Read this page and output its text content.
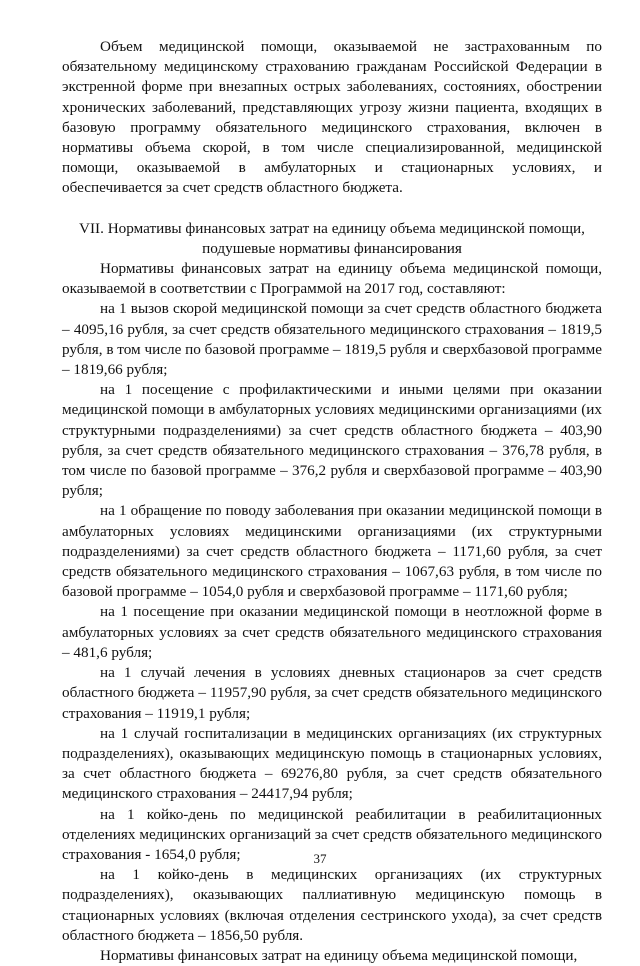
Объем медицинской помощи, оказываемой не застрахованным по обязательному медицинскому страхованию гражданам Российской Федерации в экстренной форме при внезапных острых заболеваниях, состояниях, обострении хронических заболеваний, представляющих угрозу жизни пациента, входящих в базовую программу обязательного медицинского страхования, включен в нормативы объема скорой, в том числе специализированной, медицинской помощи, оказываемой в амбулаторных и стационарных условиях, и обеспечивается за счет средств областного бюджета.

VII. Нормативы финансовых затрат на единицу объема медицинской помощи, подушевые нормативы финансирования

Нормативы финансовых затрат на единицу объема медицинской помощи, оказываемой в соответствии с Программой на 2017 год, составляют:

на 1 вызов скорой медицинской помощи за счет средств областного бюджета – 4095,16 рубля, за счет средств обязательного медицинского страхования – 1819,5 рубля, в том числе по базовой программе – 1819,5 рубля и сверхбазовой программе – 1819,66 рубля;

на 1 посещение с профилактическими и иными целями при оказании медицинской помощи в амбулаторных условиях медицинскими организациями (их структурными подразделениями) за счет средств областного бюджета – 403,90 рубля, за счет средств обязательного медицинского страхования – 376,78 рубля, в том числе по базовой программе – 376,2 рубля и сверхбазовой программе – 403,90 рубля;

на 1 обращение по поводу заболевания при оказании медицинской помощи в амбулаторных условиях медицинскими организациями (их структурными подразделениями) за счет средств областного бюджета – 1171,60 рубля, за счет средств обязательного медицинского страхования – 1067,63 рубля, в том числе по базовой программе – 1054,0 рубля и сверхбазовой программе – 1171,60 рубля;

на 1 посещение при оказании медицинской помощи в неотложной форме в амбулаторных условиях за счет средств обязательного медицинского страхования – 481,6 рубля;

на 1 случай лечения в условиях дневных стационаров за счет средств областного бюджета – 11957,90 рубля, за счет средств обязательного медицинского страхования – 11919,1 рубля;

на 1 случай госпитализации в медицинских организациях (их структурных подразделениях), оказывающих медицинскую помощь в стационарных условиях, за счет областного бюджета – 69276,80 рубля, за счет средств обязательного медицинского страхования – 24417,94 рубля;

на 1 койко-день по медицинской реабилитации в реабилитационных отделениях медицинских организаций за счет средств обязательного медицинского страхования - 1654,0 рубля;

на 1 койко-день в медицинских организациях (их структурных подразделениях), оказывающих паллиативную медицинскую помощь в стационарных условиях (включая отделения сестринского ухода), за счет средств областного бюджета – 1856,50 рубля.

Нормативы финансовых затрат на единицу объема медицинской помощи,

37
